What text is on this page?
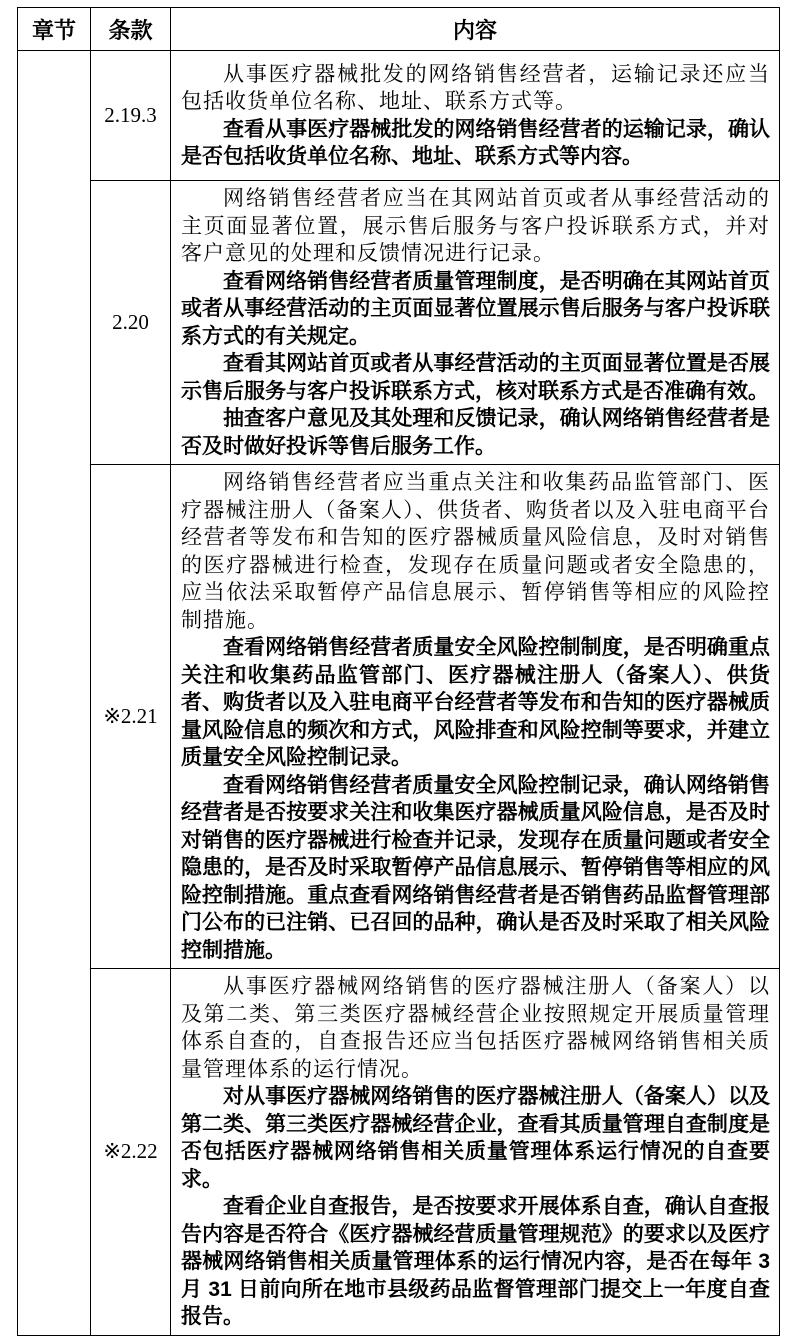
章节	条款	内容
	2.19.3	从事医疗器械批发的网络销售经营者，运输记录还应当包括收货单位名称、地址、联系方式等。

查看从事医疗器械批发的网络销售经营者的运输记录，确认是否包括收货单位名称、地址、联系方式等内容。

	2.20	网络销售经营者应当在其网站首页或者从事经营活动的主页面显著位置，展示售后服务与客户投诉联系方式，并对客户意见的处理和反馈情况进行记录。

查看网络销售经营者质量管理制度，是否明确在其网站首页或者从事经营活动的主页面显著位置展示售后服务与客户投诉联系方式的有关规定。

查看其网站首页或者从事经营活动的主页面显著位置是否展示售后服务与客户投诉联系方式，核对联系方式是否准确有效。

抽查客户意见及其处理和反馈记录，确认网络销售经营者是否及时做好投诉等售后服务工作。

	※2.21	网络销售经营者应当重点关注和收集药品监管部门、医疗器械注册人（备案人）、供货者、购货者以及入驻电商平台经营者等发布和告知的医疗器械质量风险信息，及时对销售的医疗器械进行检查，发现存在质量问题或者安全隐患的，应当依法采取暂停产品信息展示、暂停销售等相应的风险控制措施。

查看网络销售经营者质量安全风险控制制度，是否明确重点关注和收集药品监管部门、医疗器械注册人（备案人）、供货者、购货者以及入驻电商平台经营者等发布和告知的医疗器械质量风险信息的频次和方式，风险排查和风险控制等要求，并建立质量安全风险控制记录。

查看网络销售经营者质量安全风险控制记录，确认网络销售经营者是否按要求关注和收集医疗器械质量风险信息，是否及时对销售的医疗器械进行检查并记录，发现存在质量问题或者安全隐患的，是否及时采取暂停产品信息展示、暂停销售等相应的风险控制措施。重点查看网络销售经营者是否销售药品监督管理部门公布的已注销、已召回的品种，确认是否及时采取了相关风险控制措施。

	※2.22	从事医疗器械网络销售的医疗器械注册人（备案人）以及第二类、第三类医疗器械经营企业按照规定开展质量管理体系自查的，自查报告还应当包括医疗器械网络销售相关质量管理体系的运行情况。

对从事医疗器械网络销售的医疗器械注册人（备案人）以及第二类、第三类医疗器械经营企业，查看其质量管理自查制度是否包括医疗器械网络销售相关质量管理体系运行情况的自查要求。

查看企业自查报告，是否按要求开展体系自查，确认自查报告内容是否符合《医疗器械经营质量管理规范》的要求以及医疗器械网络销售相关质量管理体系的运行情况内容，是否在每年 3 月 31 日前向所在地市县级药品监督管理部门提交上一年度自查报告。
